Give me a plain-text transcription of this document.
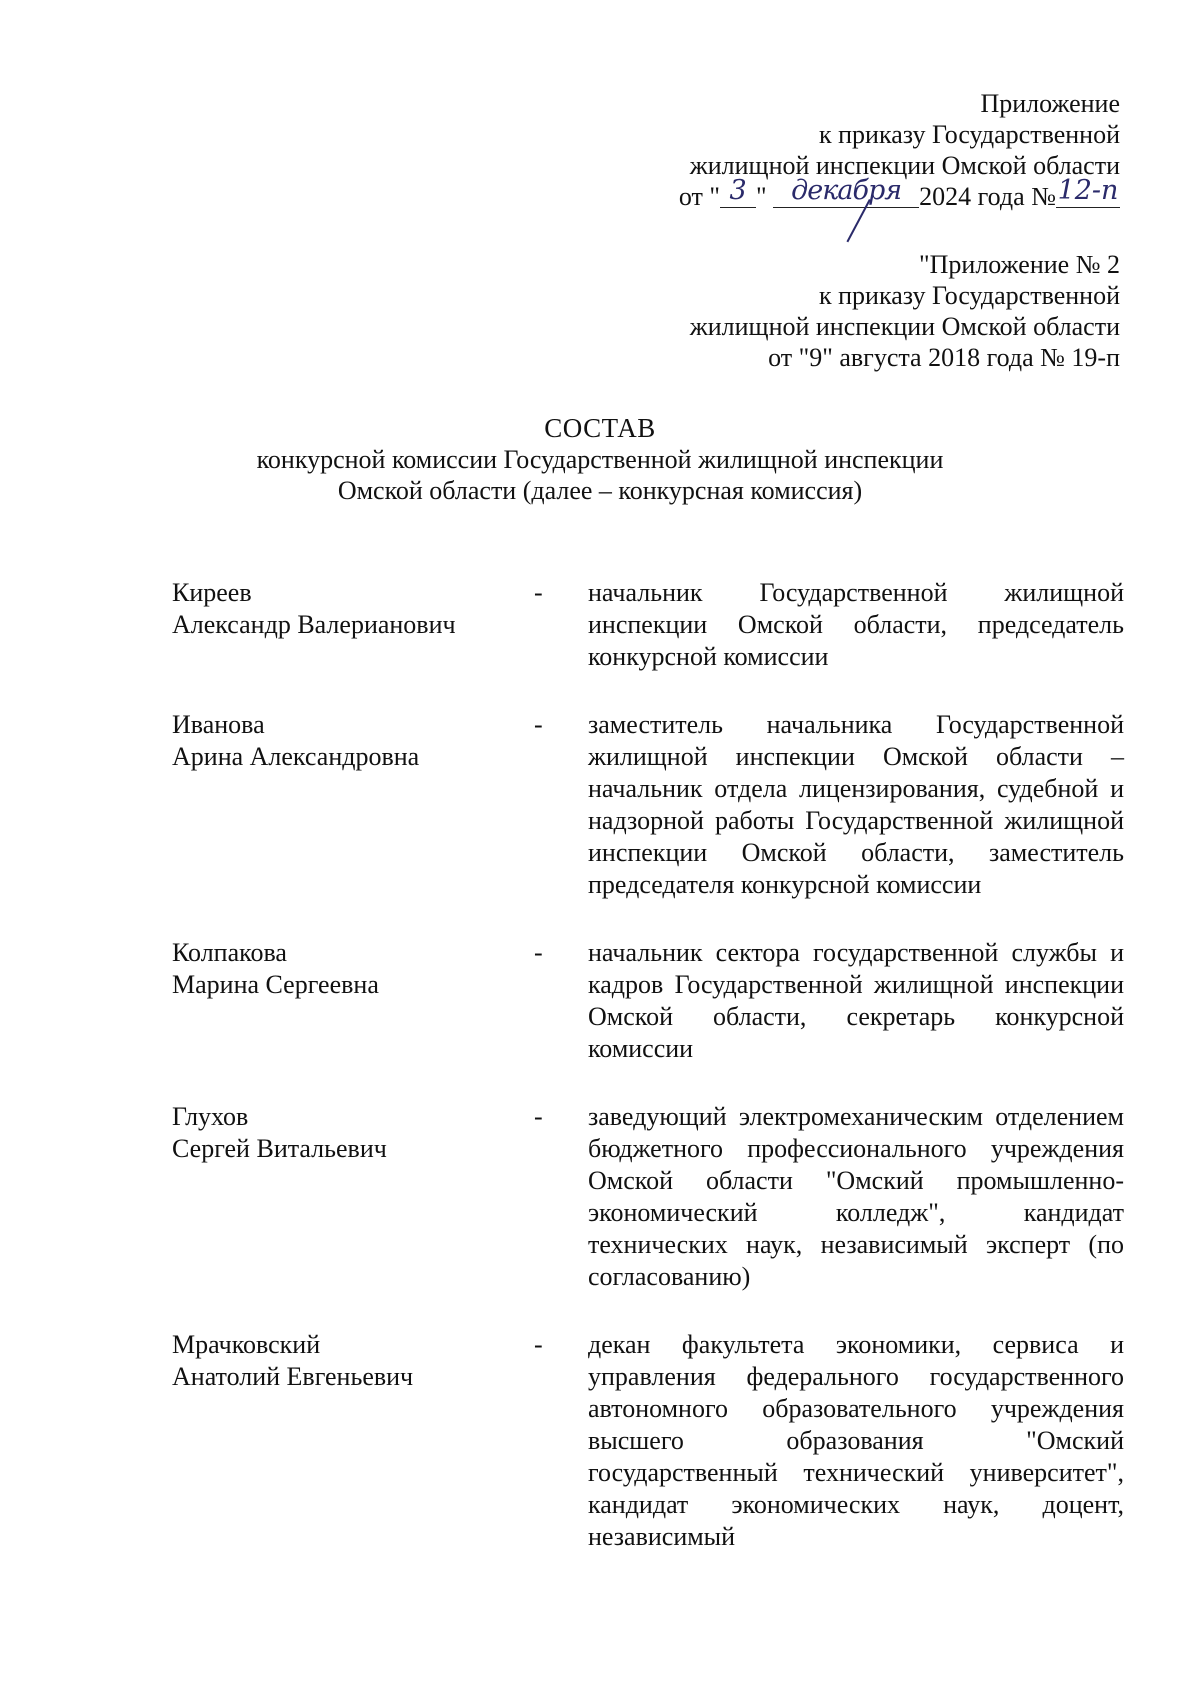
Приложение
к приказу Государственной
жилищной инспекции Омской области
от " 3 " декабря 2024 года №12-п
"Приложение № 2
к приказу Государственной
жилищной инспекции Омской области
от "9" августа 2018 года № 19-п
СОСТАВ
конкурсной комиссии Государственной жилищной инспекции
Омской области (далее – конкурсная комиссия)
Киреев
Александр Валерианович
-	начальник Государственной жилищной инспекции Омской области, председатель конкурсной комиссии
Иванова
Арина Александровна
-	заместитель начальника Государственной жилищной инспекции Омской области – начальник отдела лицензирования, судебной и надзорной работы Государственной жилищной инспекции Омской области, заместитель председателя конкурсной комиссии
Колпакова
Марина Сергеевна
-	начальник сектора государственной службы и кадров Государственной жилищной инспекции Омской области, секретарь конкурсной комиссии
Глухов
Сергей Витальевич
-	заведующий электромеханическим отделением бюджетного профессионального учреждения Омской области "Омский промышленно-экономический колледж", кандидат технических наук, независимый эксперт (по согласованию)
Мрачковский
Анатолий Евгеньевич
-	декан факультета экономики, сервиса и управления федерального государственного автономного образовательного учреждения высшего образования "Омский государственный технический университет", кандидат экономических наук, доцент, независимый
